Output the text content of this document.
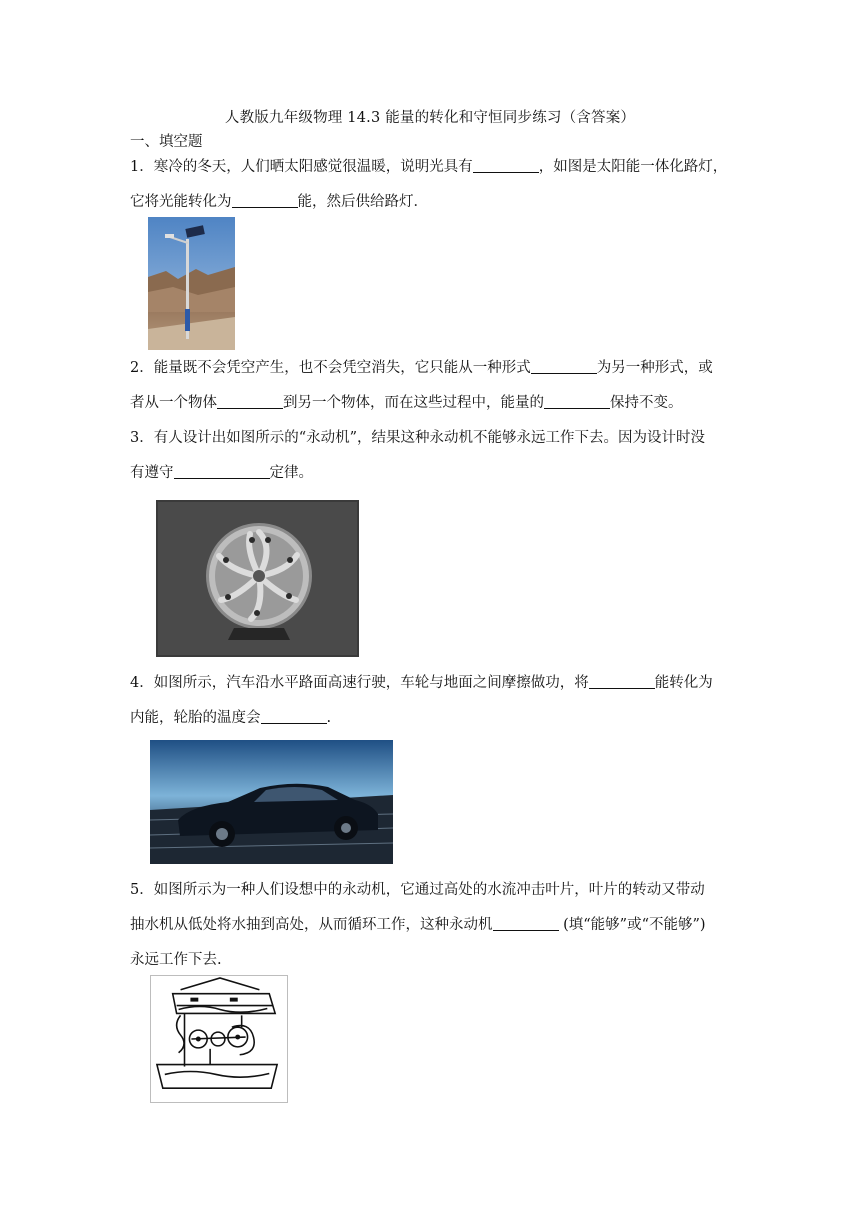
人教版九年级物理 14.3 能量的转化和守恒同步练习（含答案）
一、填空题
1．寒冷的冬天，人们晒太阳感觉很温暖，说明光具有	，如图是太阳能一体化路灯，
它将光能转化为	能，然后供给路灯．
2．能量既不会凭空产生，也不会凭空消失，它只能从一种形式	为另一种形式，或
者从一个物体	到另一个物体，而在这些过程中，能量的	保持不变。
3．有人设计出如图所示的“永动机”，结果这种永动机不能够永远工作下去。因为设计时没
有遵守	定律。
4．如图所示，汽车沿水平路面高速行驶，车轮与地面之间摩擦做功，将	能转化为
内能，轮胎的温度会	.
5．如图所示为一种人们设想中的永动机，它通过高处的水流冲击叶片，叶片的转动又带动
抽水机从低处将水抽到高处，从而循环工作，这种永动机	(填“能够”或“不能够”)
永远工作下去.
